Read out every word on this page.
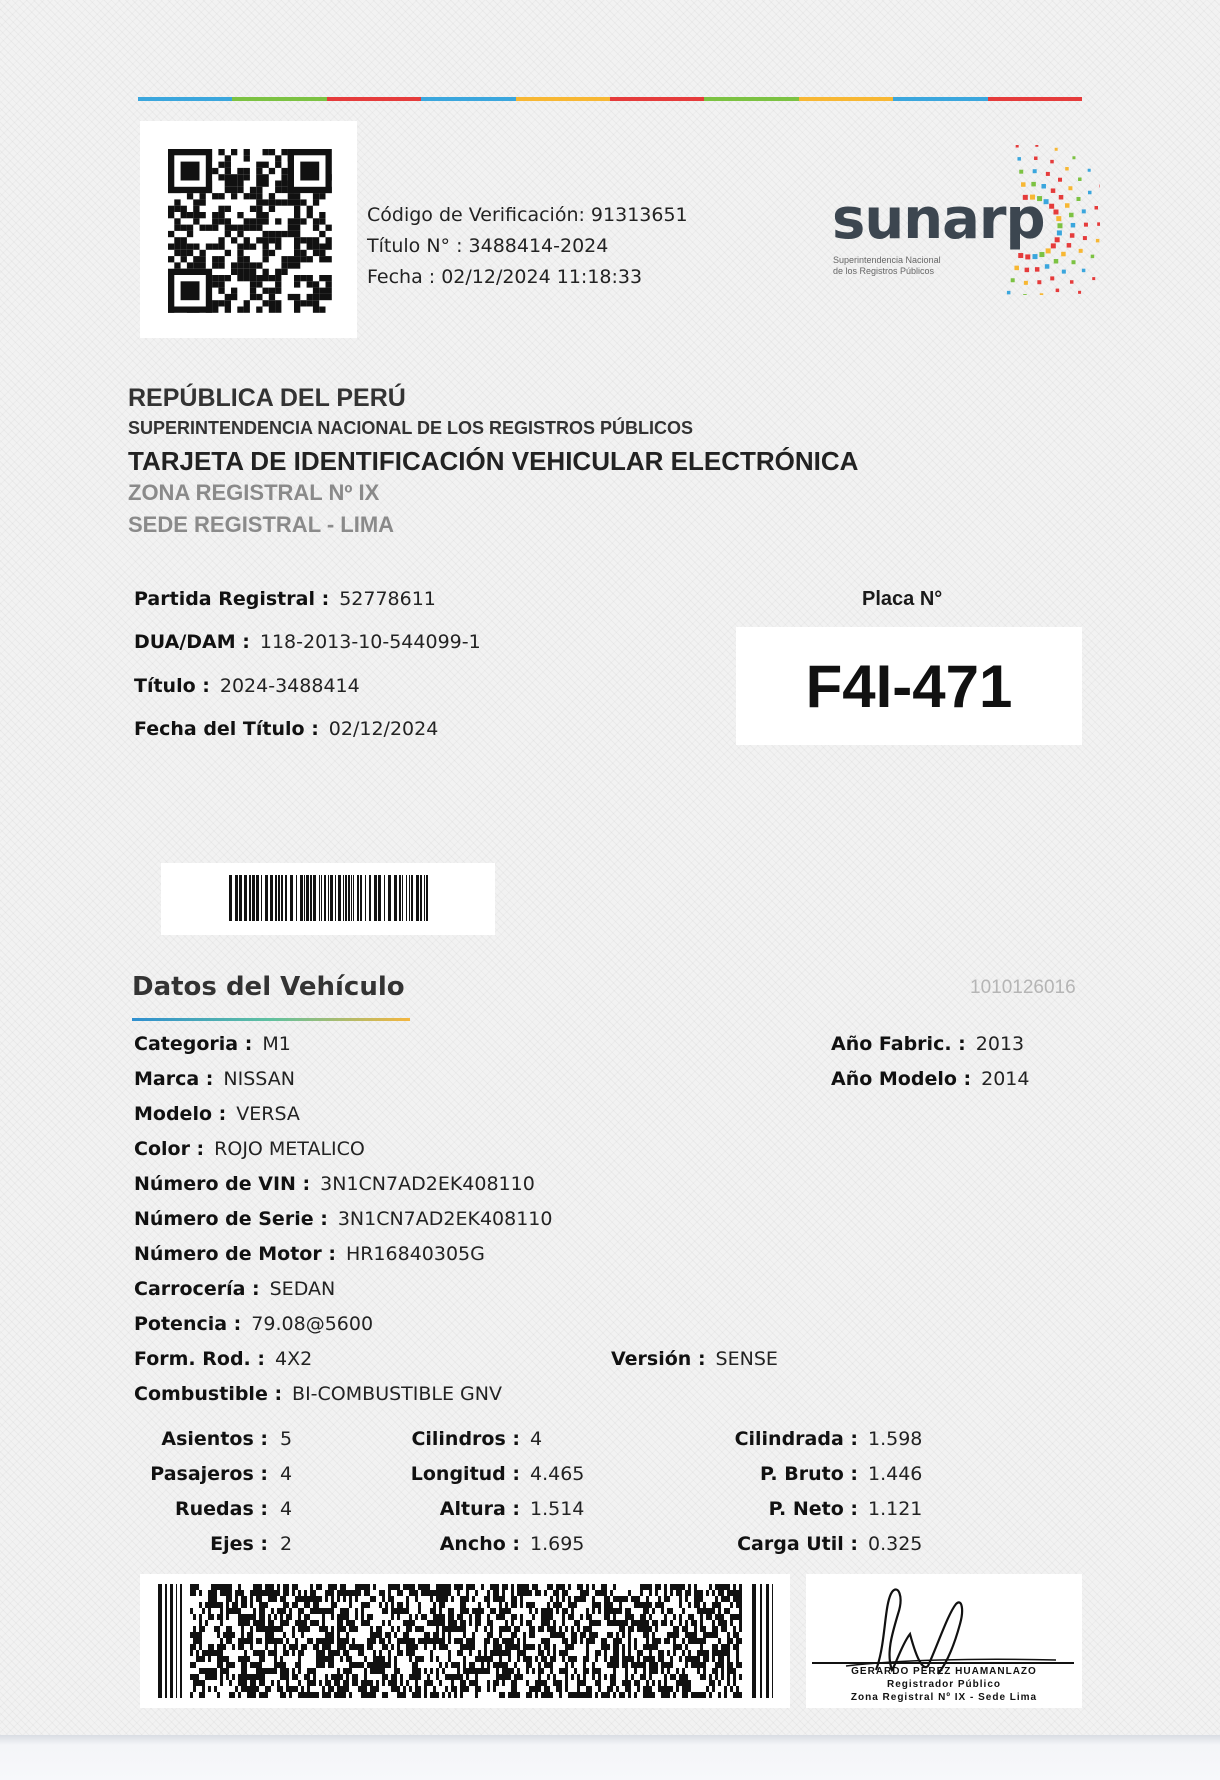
Código de Verificación: 91313651
Título N° : 3488414-2024
Fecha : 02/12/2024 11:18:33
sunarp
Superintendencia Nacional
de los Registros Públicos
REPÚBLICA DEL PERÚ
SUPERINTENDENCIA NACIONAL DE LOS REGISTROS PÚBLICOS
TARJETA DE IDENTIFICACIÓN VEHICULAR ELECTRÓNICA
ZONA REGISTRAL Nº IX
SEDE REGISTRAL - LIMA
Partida Registral : 52778611
DUA/DAM : 118-2013-10-544099-1
Título : 2024-3488414
Fecha del Título : 02/12/2024
Placa N°
F4I-471
Datos del Vehículo	1010126016
Categoria : M1
Marca : NISSAN
Modelo : VERSA
Color : ROJO METALICO
Número de VIN : 3N1CN7AD2EK408110
Número de Serie : 3N1CN7AD2EK408110
Número de Motor : HR16840305G
Carrocería : SEDAN
Potencia : 79.08@5600
Form. Rod. : 4X2	Versión : SENSE
Combustible : BI-COMBUSTIBLE GNV
Año Fabric. : 2013
Año Modelo : 2014
Asientos : 5
Pasajeros : 4
Ruedas : 4
Ejes : 2
Cilindros : 4
Longitud : 4.465
Altura : 1.514
Ancho : 1.695
Cilindrada : 1.598
P. Bruto : 1.446
P. Neto : 1.121
Carga Util : 0.325
GERARDO PEREZ HUAMANLAZO
Registrador Público
Zona Registral Nº IX - Sede Lima
